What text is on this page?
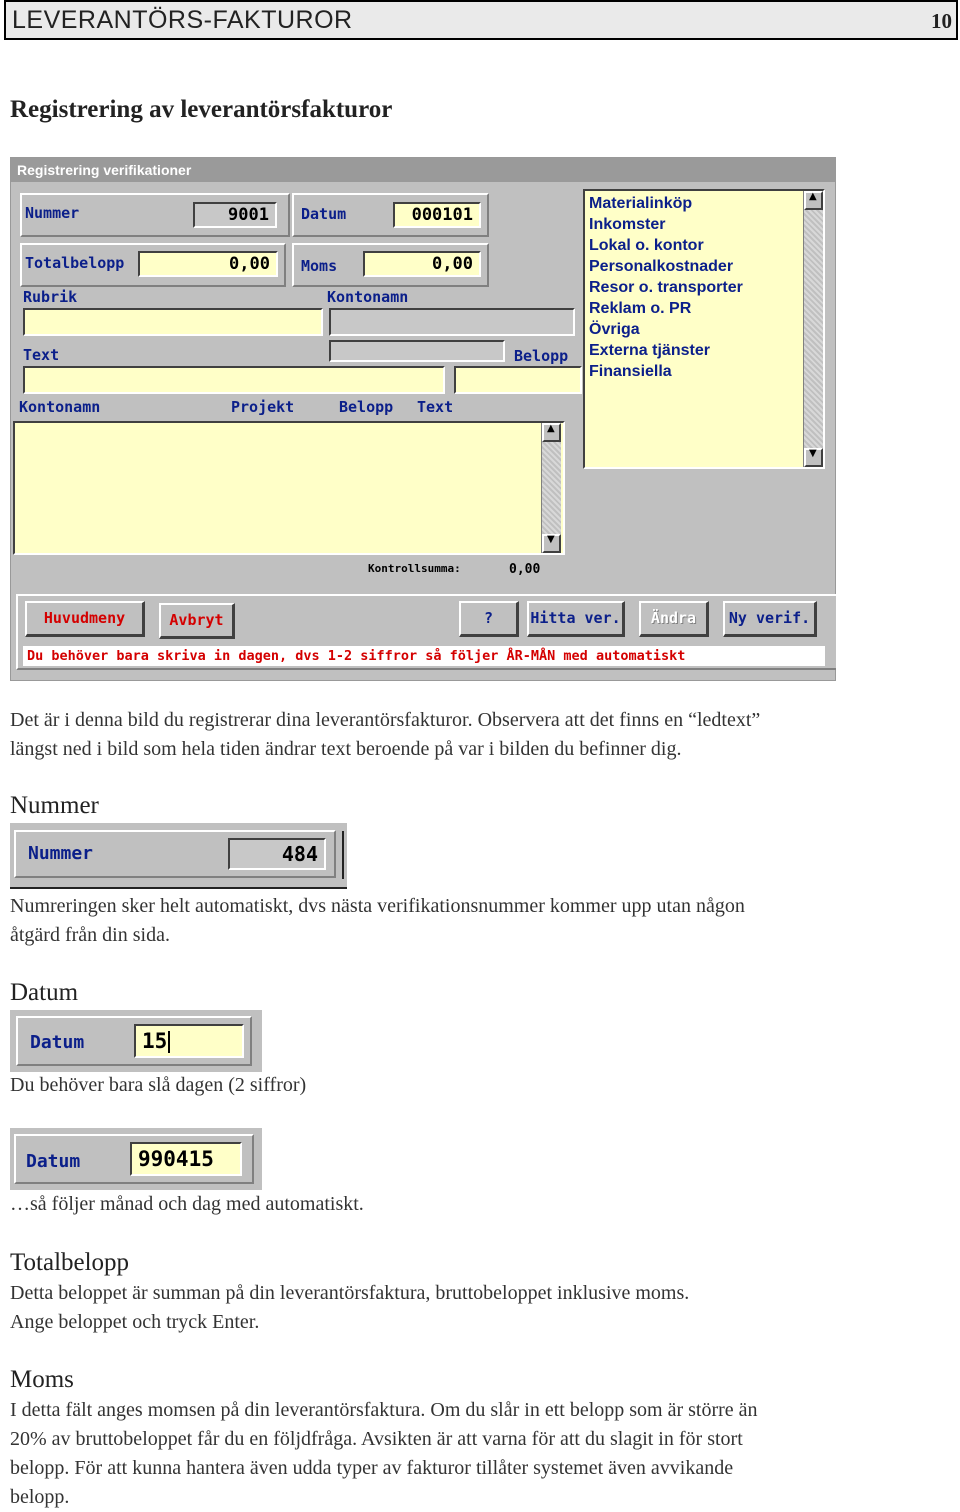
LEVERANTÖRS-FAKTUROR	10
Registrering av leverantörsfakturor
Registrering verifikationer
Nummer	9001	Datum	000101
Totalbelopp	0,00	Moms	0,00
Rubrik	Kontonamn
Text	Belopp
Kontonamn	Projekt	Belopp Text
▲
▼
Materialinköp
Inkomster
Lokal o. kontor
Personalkostnader
Resor o. transporter
Reklam o. PR
Övriga
Externa tjänster
Finansiella
▲
▼
Kontrollsumma:	0,00
Huvudmeny	Avbryt	?	Hitta ver.	Ändra	Ny verif.
Du behöver bara skriva in dagen, dvs 1-2 siffror så följer ÅR-MÅN med automatiskt
Det är i denna bild du registrerar dina leverantörsfakturor. Observera att det finns en “ledtext”
längst ned i bild som hela tiden ändrar text beroende på var i bilden du befinner dig.
Nummer
Nummer	484
Numreringen sker helt automatiskt, dvs nästa verifikationsnummer kommer upp utan någon
åtgärd från din sida.
Datum
Datum	15
Du behöver bara slå dagen (2 siffror)
Datum	990415
…så följer månad och dag med automatiskt.
Totalbelopp
Detta beloppet är summan på din leverantörsfaktura, bruttobeloppet inklusive moms.
Ange beloppet och tryck Enter.
Moms
I detta fält anges momsen på din leverantörsfaktura. Om du slår in ett belopp som är större än
20% av bruttobeloppet får du en följdfråga. Avsikten är att varna för att du slagit in för stort
belopp. För att kunna hantera även udda typer av fakturor tillåter systemet även avvikande
belopp.
